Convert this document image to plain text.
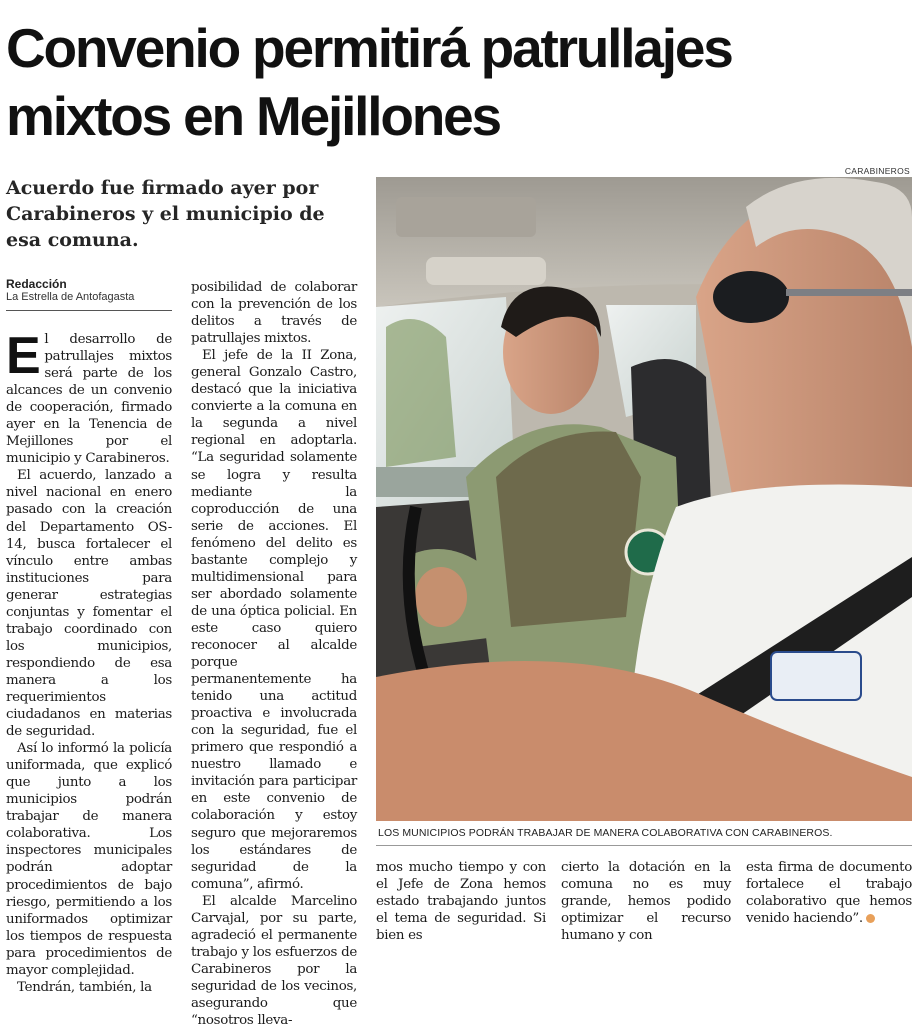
Convenio permitirá patrullajes
mixtos en Mejillones
CARABINEROS
Acuerdo fue firmado ayer por Carabineros y el municipio de esa comuna.
Redacción
La Estrella de Antofagasta

El desarrollo de patrullajes mixtos será parte de los alcances de un convenio de cooperación, firmado ayer en la Tenencia de Mejillones por el municipio y Carabineros.

El acuerdo, lanzado a nivel nacional en enero pasado con la creación del Departamento OS-14, busca fortalecer el vínculo entre ambas instituciones para generar estrategias conjuntas y fomentar el trabajo coordinado con los municipios, respondiendo de esa manera a los requerimientos ciudadanos en materias de seguridad.

Así lo informó la policía uniformada, que explicó que junto a los municipios podrán trabajar de manera colaborativa. Los inspectores municipales podrán adoptar procedimientos de bajo riesgo, permitiendo a los uniformados optimizar los tiempos de respuesta para procedimientos de mayor complejidad.

Tendrán, también, la

posibilidad de colaborar con la prevención de los delitos a través de patrullajes mixtos.

El jefe de la II Zona, general Gonzalo Castro, destacó que la iniciativa convierte a la comuna en la segunda a nivel regional en adoptarla. “La seguridad solamente se logra y resulta mediante la coproducción de una serie de acciones. El fenómeno del delito es bastante complejo y multidimensional para ser abordado solamente de una óptica policial. En este caso quiero reconocer al alcalde porque permanentemente ha tenido una actitud proactiva e involucrada con la seguridad, fue el primero que respondió a nuestro llamado e invitación para participar en este convenio de colaboración y estoy seguro que mejoraremos los estándares de seguridad de la comuna”, afirmó.

El alcalde Marcelino Carvajal, por su parte, agradeció el permanente trabajo y los esfuerzos de Carabineros por la seguridad de los vecinos, asegurando que “nosotros lleva-

mos mucho tiempo y con el Jefe de Zona hemos estado trabajando juntos el tema de seguridad. Si bien es

cierto la dotación en la comuna no es muy grande, hemos podido optimizar el recurso humano y con

esta firma de documento fortalece el trabajo colaborativo que hemos venido haciendo”.

LOS MUNICIPIOS PODRÁN TRABAJAR DE MANERA COLABORATIVA CON CARABINEROS.
